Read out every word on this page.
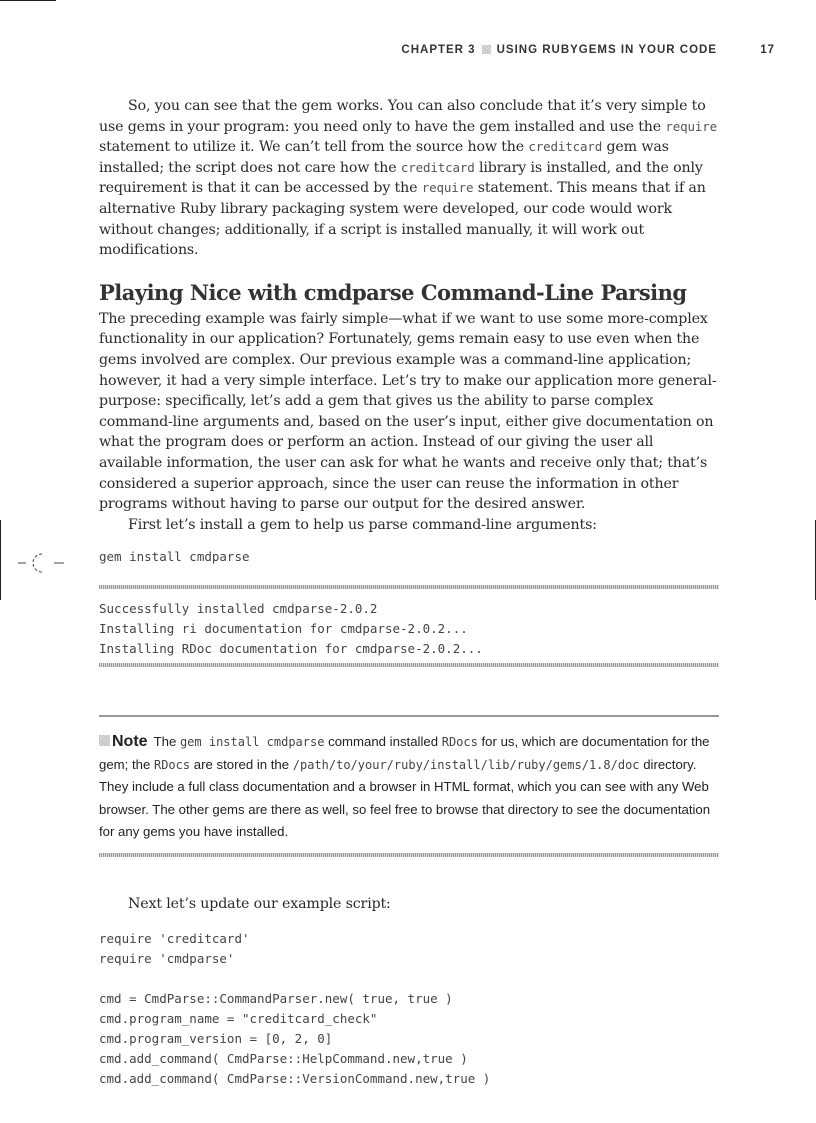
CHAPTER 3 USING RUBYGEMS IN YOUR CODE	17

So, you can see that the gem works. You can also conclude that it’s very simple to use gems in your program: you need only to have the gem installed and use the require statement to utilize it. We can’t tell from the source how the creditcard gem was installed; the script does not care how the creditcard library is installed, and the only requirement is that it can be accessed by the require statement. This means that if an alternative Ruby library packaging system were developed, our code would work without changes; additionally, if a script is installed manually, it will work out modifications.

Playing Nice with cmdparse Command-Line Parsing

The preceding example was fairly simple—what if we want to use some more-complex functionality in our application? Fortunately, gems remain easy to use even when the gems involved are complex. Our previous example was a command-line application; however, it had a very simple interface. Let’s try to make our application more general-purpose: specifically, let’s add a gem that gives us the ability to parse complex command-line arguments and, based on the user’s input, either give documentation on what the program does or perform an action. Instead of our giving the user all available information, the user can ask for what he wants and receive only that; that’s considered a superior approach, since the user can reuse the information in other programs without having to parse our output for the desired answer.

First let’s install a gem to help us parse command-line arguments:

gem install cmdparse
Successfully installed cmdparse-2.0.2
Installing ri documentation for cmdparse-2.0.2...
Installing RDoc documentation for cmdparse-2.0.2...
Note The gem install cmdparse command installed RDocs for us, which are documentation for the gem; the RDocs are stored in the /path/to/your/ruby/install/lib/ruby/gems/1.8/doc directory. They include a full class documentation and a browser in HTML format, which you can see with any Web browser. The other gems are there as well, so feel free to browse that directory to see the documentation for any gems you have installed.

Next let’s update our example script:

require 'creditcard'
require 'cmdparse'

cmd = CmdParse::CommandParser.new( true, true )
cmd.program_name = "creditcard_check"
cmd.program_version = [0, 2, 0]
cmd.add_command( CmdParse::HelpCommand.new,true )
cmd.add_command( CmdParse::VersionCommand.new,true )
